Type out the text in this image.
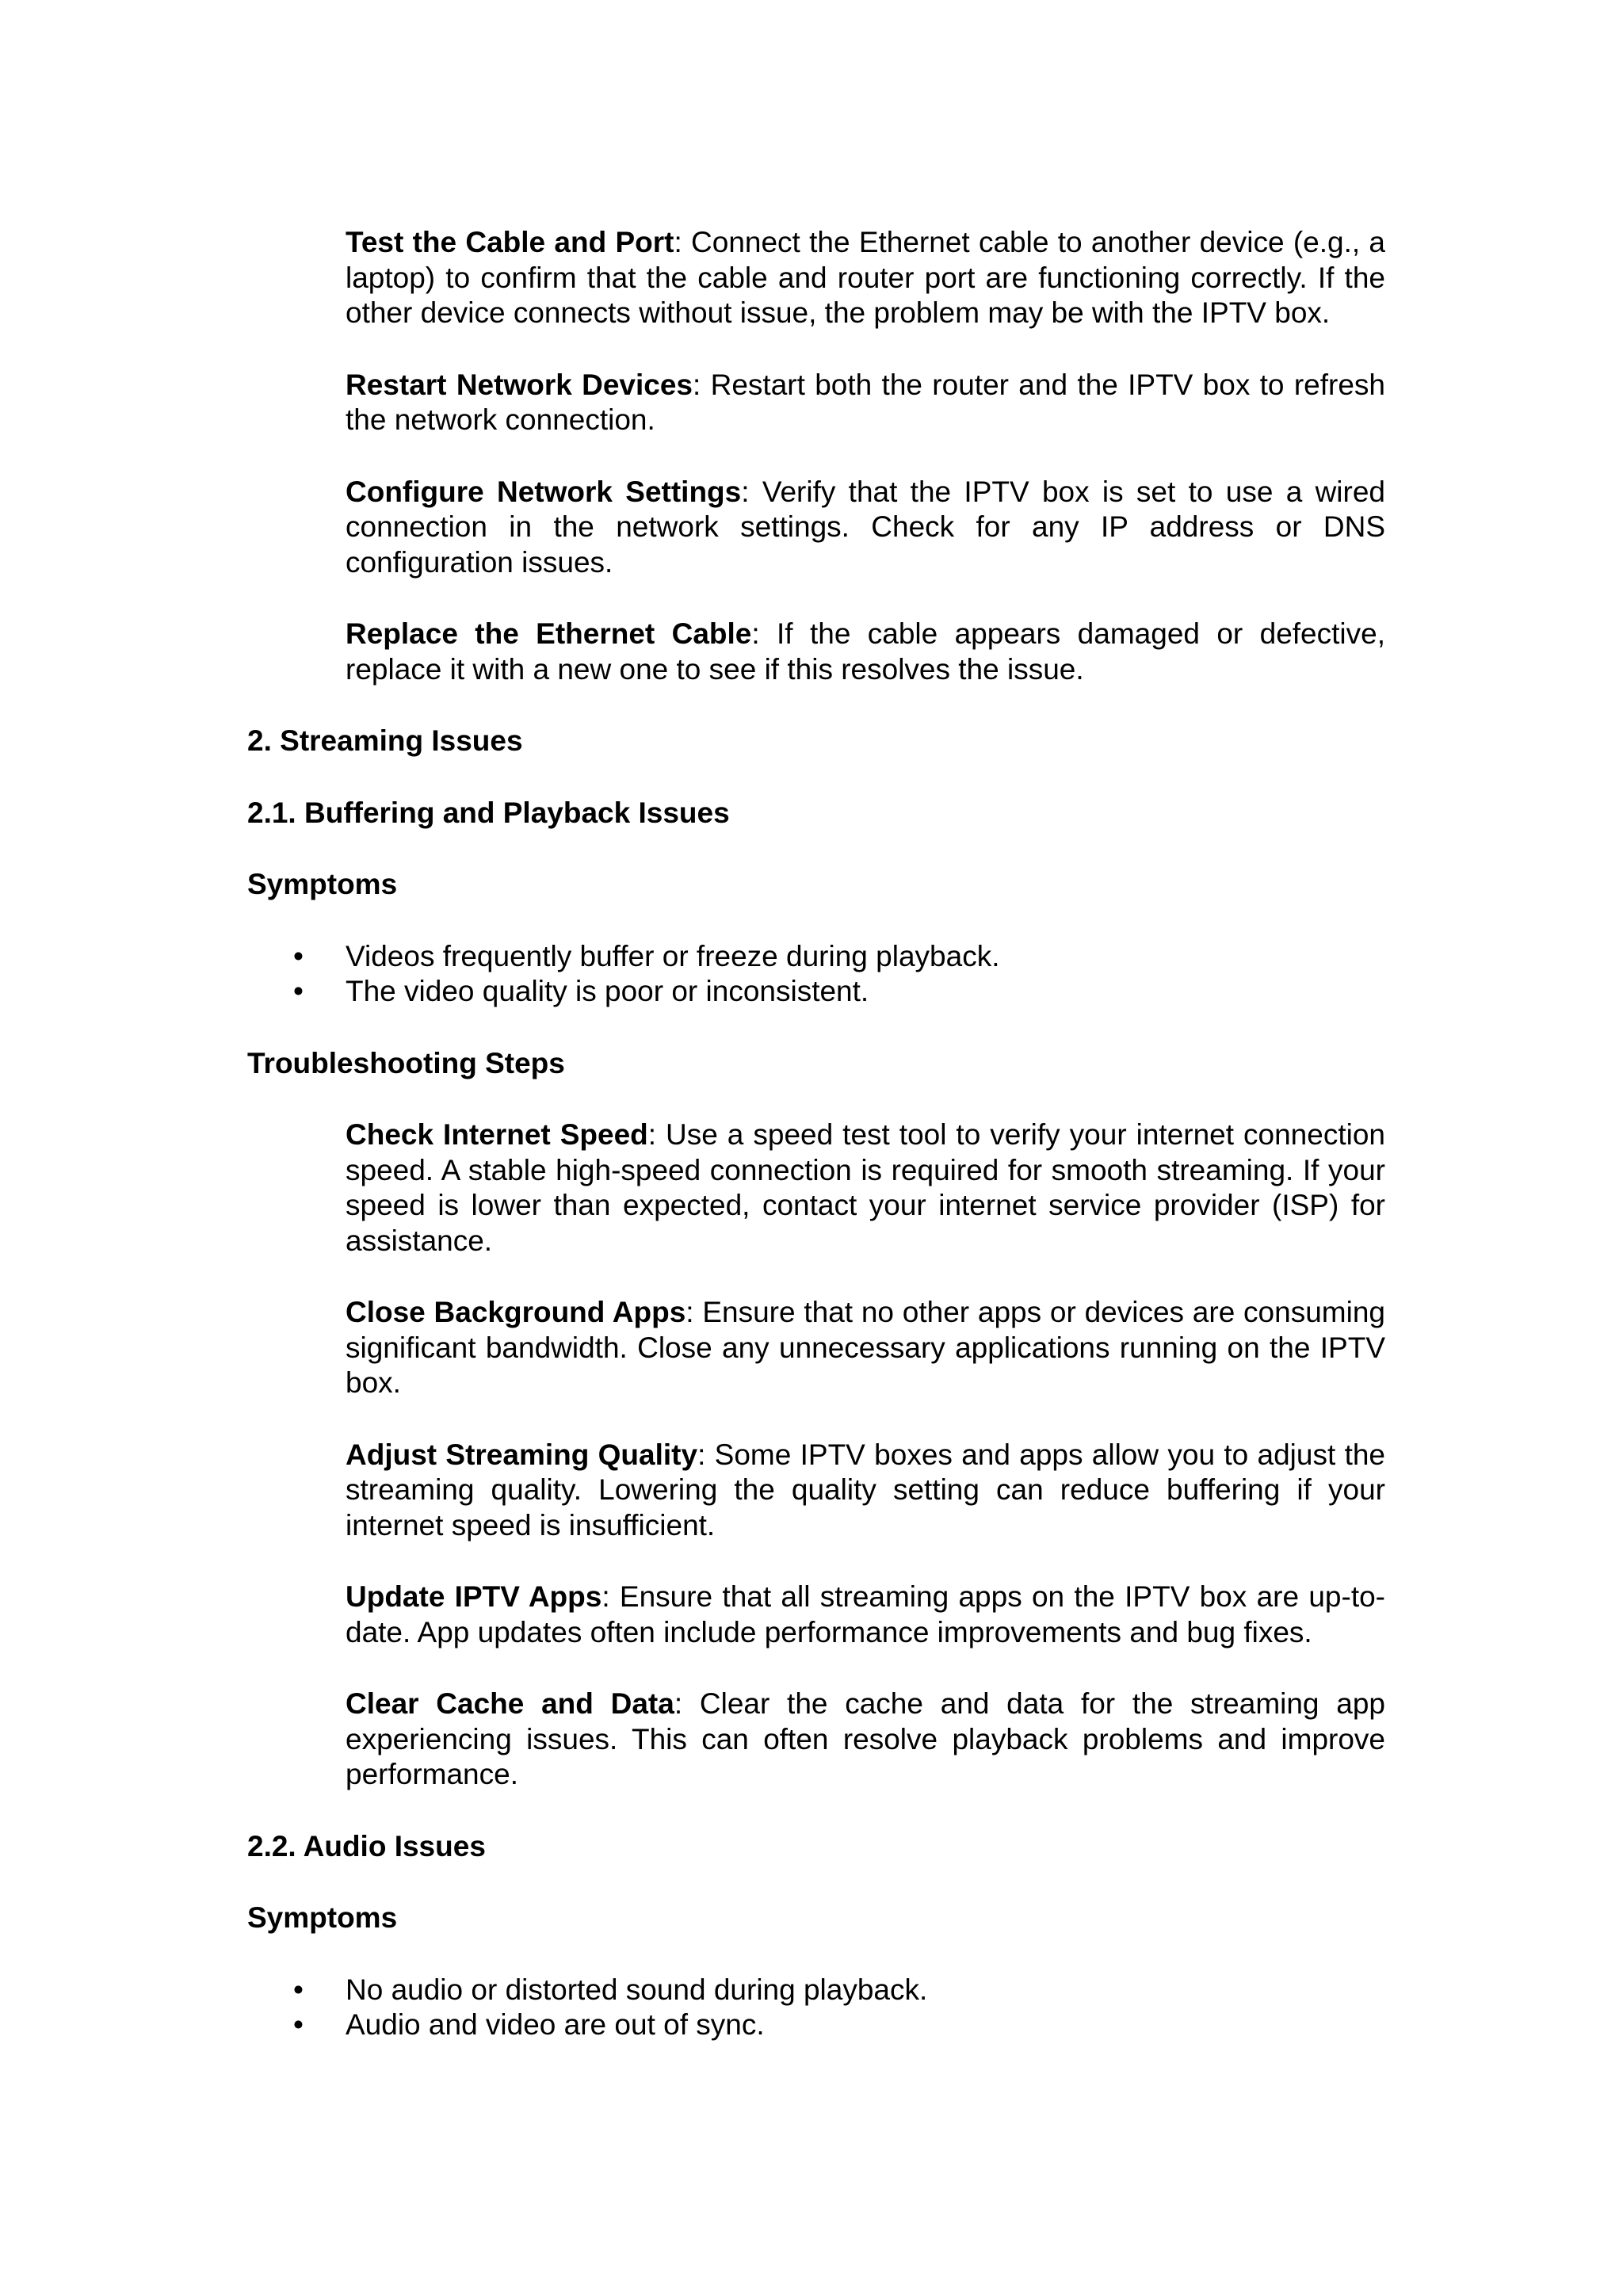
Test the Cable and Port: Connect the Ethernet cable to another device (e.g., a laptop) to confirm that the cable and router port are functioning correctly. If the other device connects without issue, the problem may be with the IPTV box.

Restart Network Devices: Restart both the router and the IPTV box to refresh the network connection.

Configure Network Settings: Verify that the IPTV box is set to use a wired connection in the network settings. Check for any IP address or DNS configuration issues.

Replace the Ethernet Cable: If the cable appears damaged or defective, replace it with a new one to see if this resolves the issue.

2. Streaming Issues
2.1. Buffering and Playback Issues
Symptoms
• Videos frequently buffer or freeze during playback.
• The video quality is poor or inconsistent.
Troubleshooting Steps

Check Internet Speed: Use a speed test tool to verify your internet connection speed. A stable high-speed connection is required for smooth streaming. If your speed is lower than expected, contact your internet service provider (ISP) for assistance.

Close Background Apps: Ensure that no other apps or devices are consuming significant bandwidth. Close any unnecessary applications running on the IPTV box.

Adjust Streaming Quality: Some IPTV boxes and apps allow you to adjust the streaming quality. Lowering the quality setting can reduce buffering if your internet speed is insufficient.

Update IPTV Apps: Ensure that all streaming apps on the IPTV box are up-to-date. App updates often include performance improvements and bug fixes.

Clear Cache and Data: Clear the cache and data for the streaming app experiencing issues. This can often resolve playback problems and improve performance.

2.2. Audio Issues
Symptoms
• No audio or distorted sound during playback.
• Audio and video are out of sync.
